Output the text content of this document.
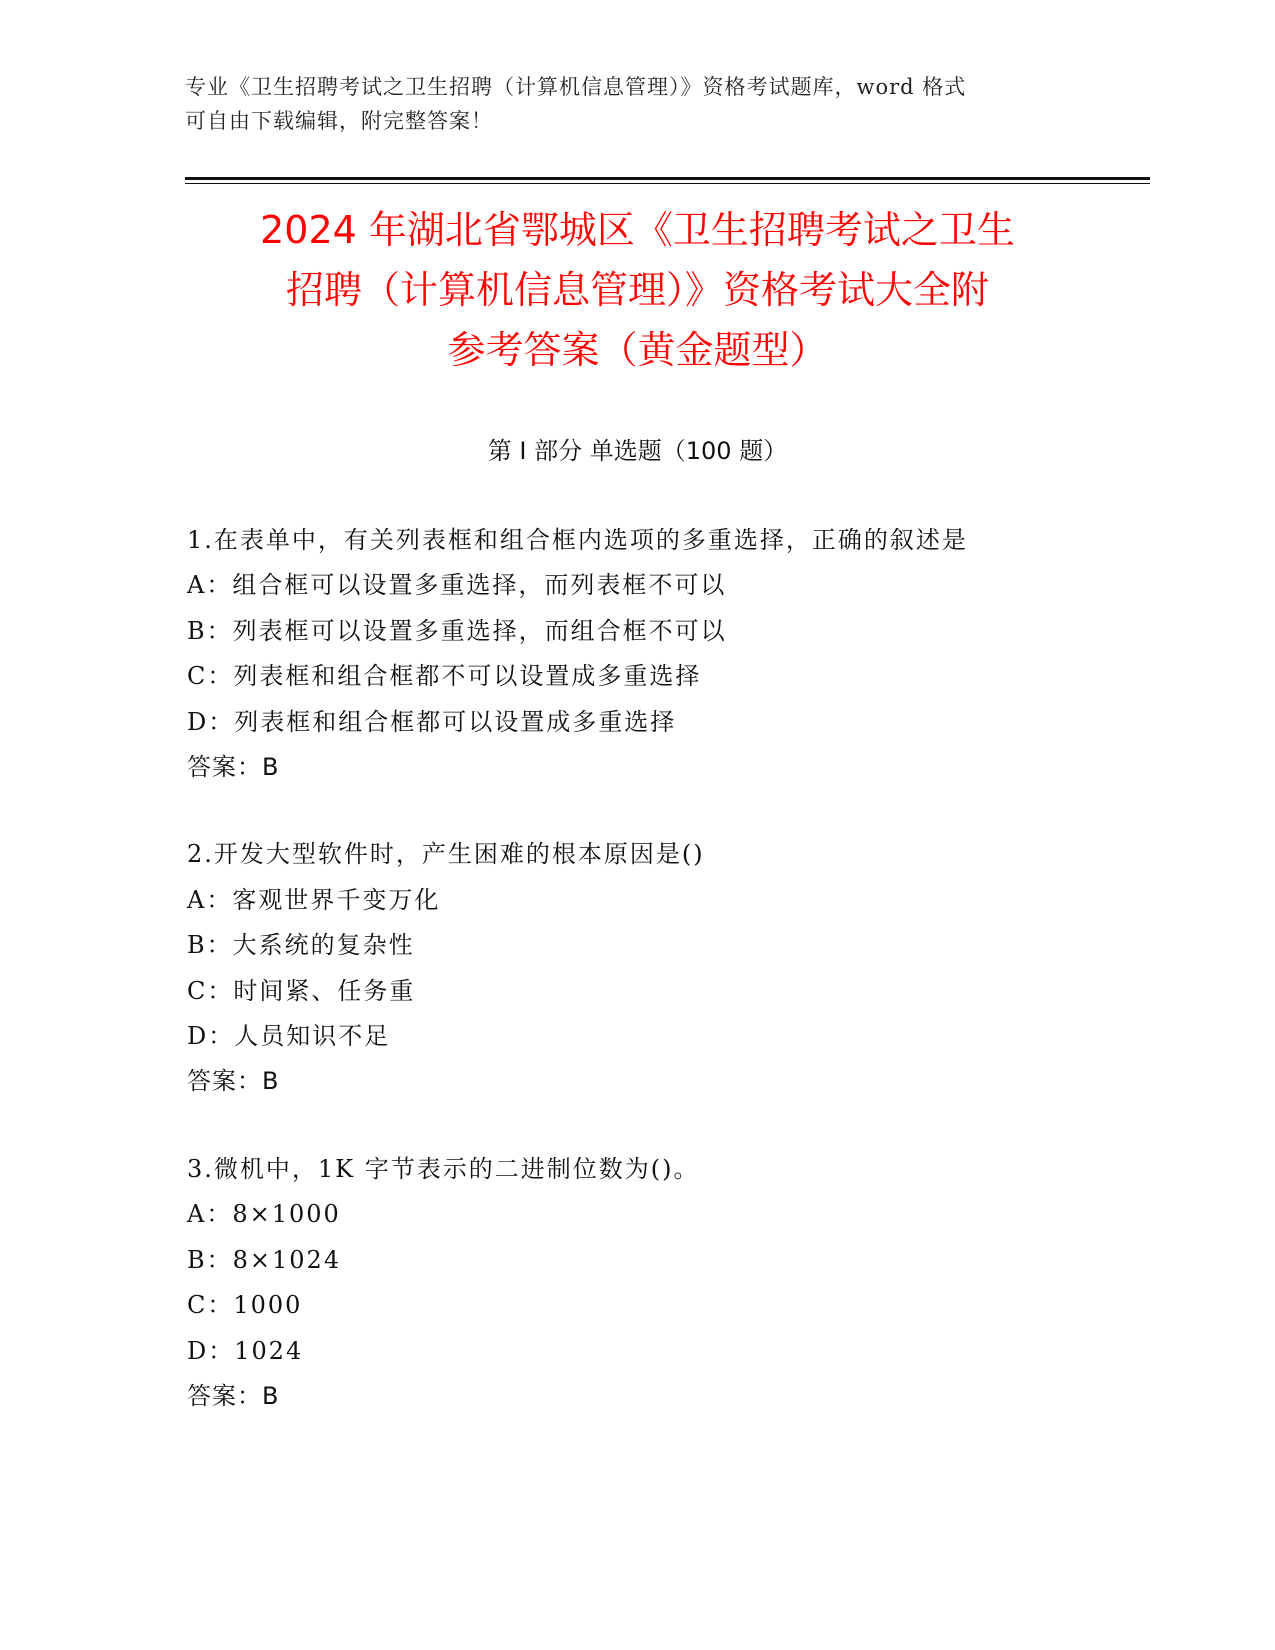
专业《卫生招聘考试之卫生招聘（计算机信息管理）》资格考试题库，word 格式
可自由下载编辑，附完整答案！
2024 年湖北省鄂城区《卫生招聘考试之卫生
招聘（计算机信息管理）》资格考试大全附
参考答案（黄金题型）
第 I 部分 单选题（100 题）
1.在表单中，有关列表框和组合框内选项的多重选择，正确的叙述是
A：组合框可以设置多重选择，而列表框不可以
B：列表框可以设置多重选择，而组合框不可以
C：列表框和组合框都不可以设置成多重选择
D：列表框和组合框都可以设置成多重选择
答案：B
2.开发大型软件时，产生困难的根本原因是()
A：客观世界千变万化
B：大系统的复杂性
C：时间紧、任务重
D：人员知识不足
答案：B
3.微机中，1K 字节表示的二进制位数为()。
A：8×1000
B：8×1024
C：1000
D：1024
答案：B
